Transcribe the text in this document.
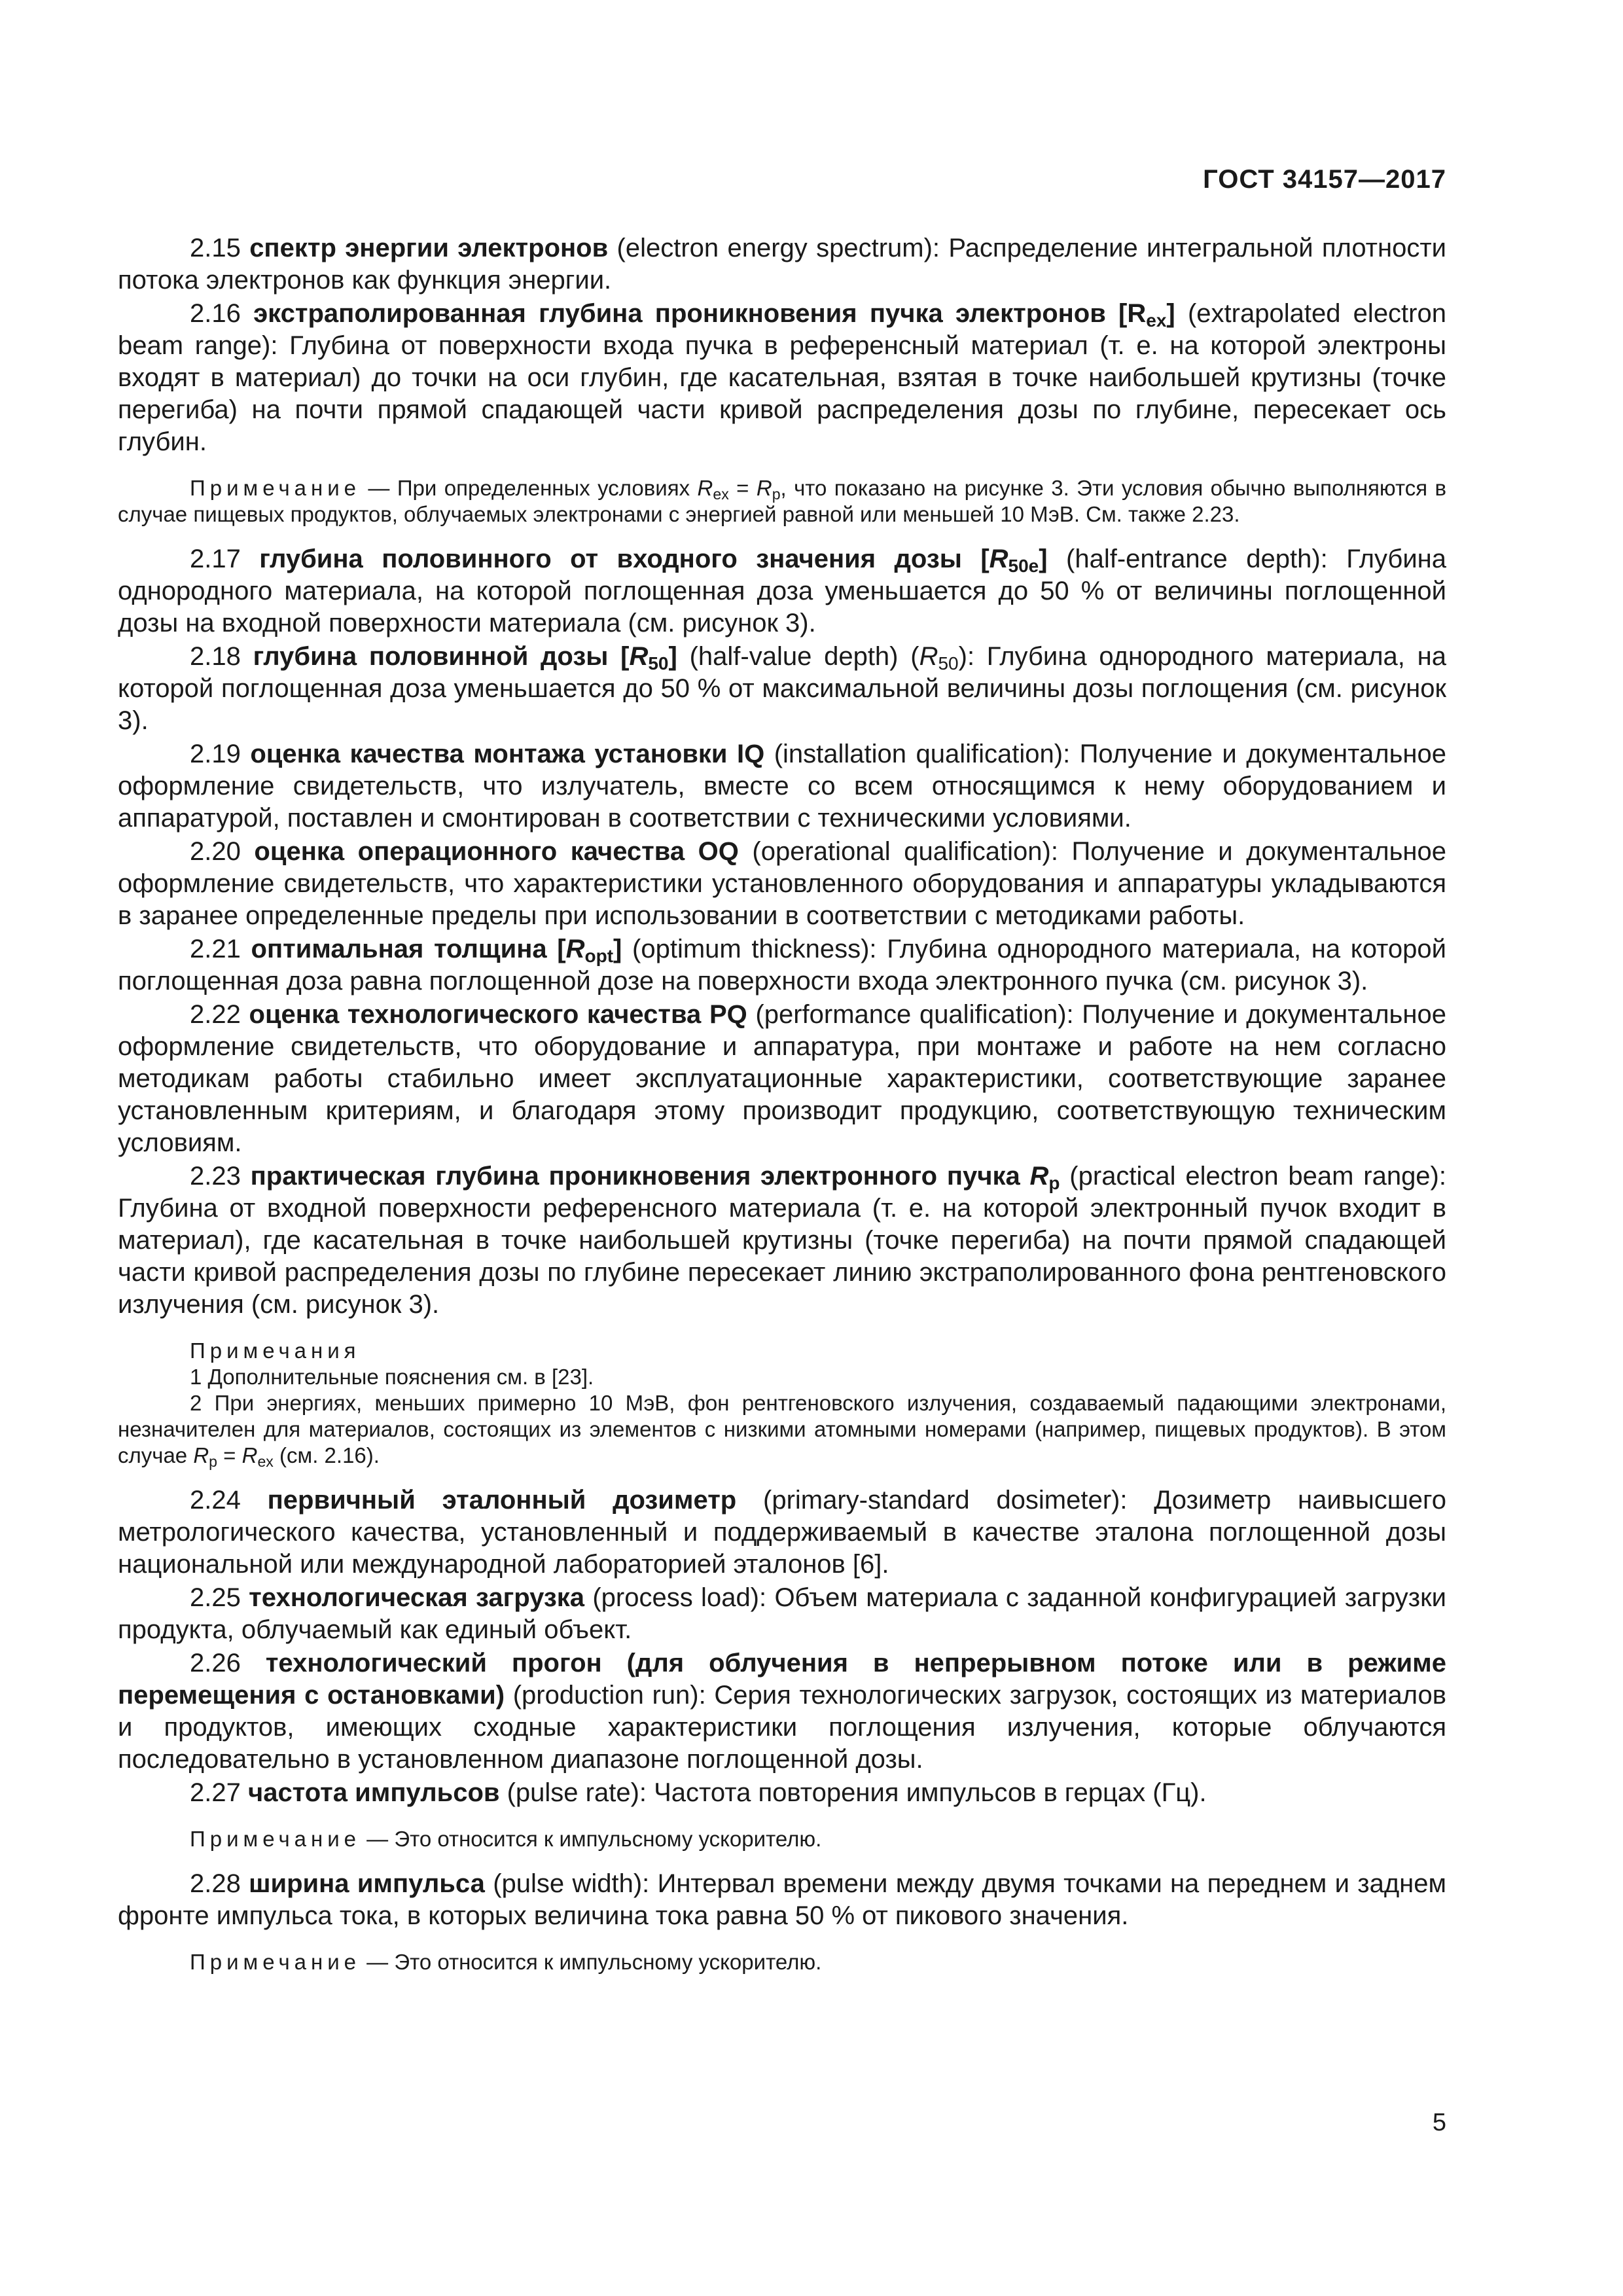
ГОСТ 34157—2017

2.15 спектр энергии электронов (electron energy spectrum): Распределение интегральной плотности потока электронов как функция энергии.

2.16 экстраполированная глубина проникновения пучка электронов $[R_{ex}]$ (extrapolated electron beam range): Глубина от поверхности входа пучка в референсный материал (т. е. на которой электроны входят в материал) до точки на оси глубин, где касательная, взятая в точке наибольшей крутизны (точке перегиба) на почти прямой спадающей части кривой распределения дозы по глубине, пересекает ось глубин.

Примечание — При определенных условиях $R_{ex} = R_p$, что показано на рисунке 3. Эти условия обычно выполняются в случае пищевых продуктов, облучаемых электронами с энергией равной или меньшей 10 МэВ. См. также 2.23.

2.17 глубина половинного от входного значения дозы $[R_{50e}]$ (half-entrance depth): Глубина однородного материала, на которой поглощенная доза уменьшается до 50 % от величины поглощенной дозы на входной поверхности материала (см. рисунок 3).

2.18 глубина половинной дозы $[R_{50}]$ (half-value depth) $(R_{50})$: Глубина однородного материала, на которой поглощенная доза уменьшается до 50 % от максимальной величины дозы поглощения (см. рисунок 3).

2.19 оценка качества монтажа установки IQ (installation qualification): Получение и документальное оформление свидетельств, что излучатель, вместе со всем относящимся к нему оборудованием и аппаратурой, поставлен и смонтирован в соответствии с техническими условиями.

2.20 оценка операционного качества OQ (operational qualification): Получение и документальное оформление свидетельств, что характеристики установленного оборудования и аппаратуры укладываются в заранее определенные пределы при использовании в соответствии с методиками работы.

2.21 оптимальная толщина $[R_{opt}]$ (optimum thickness): Глубина однородного материала, на которой поглощенная доза равна поглощенной дозе на поверхности входа электронного пучка (см. рисунок 3).

2.22 оценка технологического качества PQ (performance qualification): Получение и документальное оформление свидетельств, что оборудование и аппаратура, при монтаже и работе на нем согласно методикам работы стабильно имеет эксплуатационные характеристики, соответствующие заранее установленным критериям, и благодаря этому производит продукцию, соответствующую техническим условиям.

2.23 практическая глубина проникновения электронного пучка $R_p$ (practical electron beam range): Глубина от входной поверхности референсного материала (т. е. на которой электронный пучок входит в материал), где касательная в точке наибольшей крутизны (точке перегиба) на почти прямой спадающей части кривой распределения дозы по глубине пересекает линию экстраполированного фона рентгеновского излучения (см. рисунок 3).

Примечания

1 Дополнительные пояснения см. в [23].

2 При энергиях, меньших примерно 10 МэВ, фон рентгеновского излучения, создаваемый падающими электронами, незначителен для материалов, состоящих из элементов с низкими атомными номерами (например, пищевых продуктов). В этом случае $R_p = R_{ex}$ (см. 2.16).

2.24 первичный эталонный дозиметр (primary-standard dosimeter): Дозиметр наивысшего метрологического качества, установленный и поддерживаемый в качестве эталона поглощенной дозы национальной или международной лабораторией эталонов [6].

2.25 технологическая загрузка (process load): Объем материала с заданной конфигурацией загрузки продукта, облучаемый как единый объект.

2.26 технологический прогон (для облучения в непрерывном потоке или в режиме перемещения с остановками) (production run): Серия технологических загрузок, состоящих из материалов и продуктов, имеющих сходные характеристики поглощения излучения, которые облучаются последовательно в установленном диапазоне поглощенной дозы.

2.27 частота импульсов (pulse rate): Частота повторения импульсов в герцах (Гц).

Примечание — Это относится к импульсному ускорителю.

2.28 ширина импульса (pulse width): Интервал времени между двумя точками на переднем и заднем фронте импульса тока, в которых величина тока равна 50 % от пикового значения.

Примечание — Это относится к импульсному ускорителю.

5
